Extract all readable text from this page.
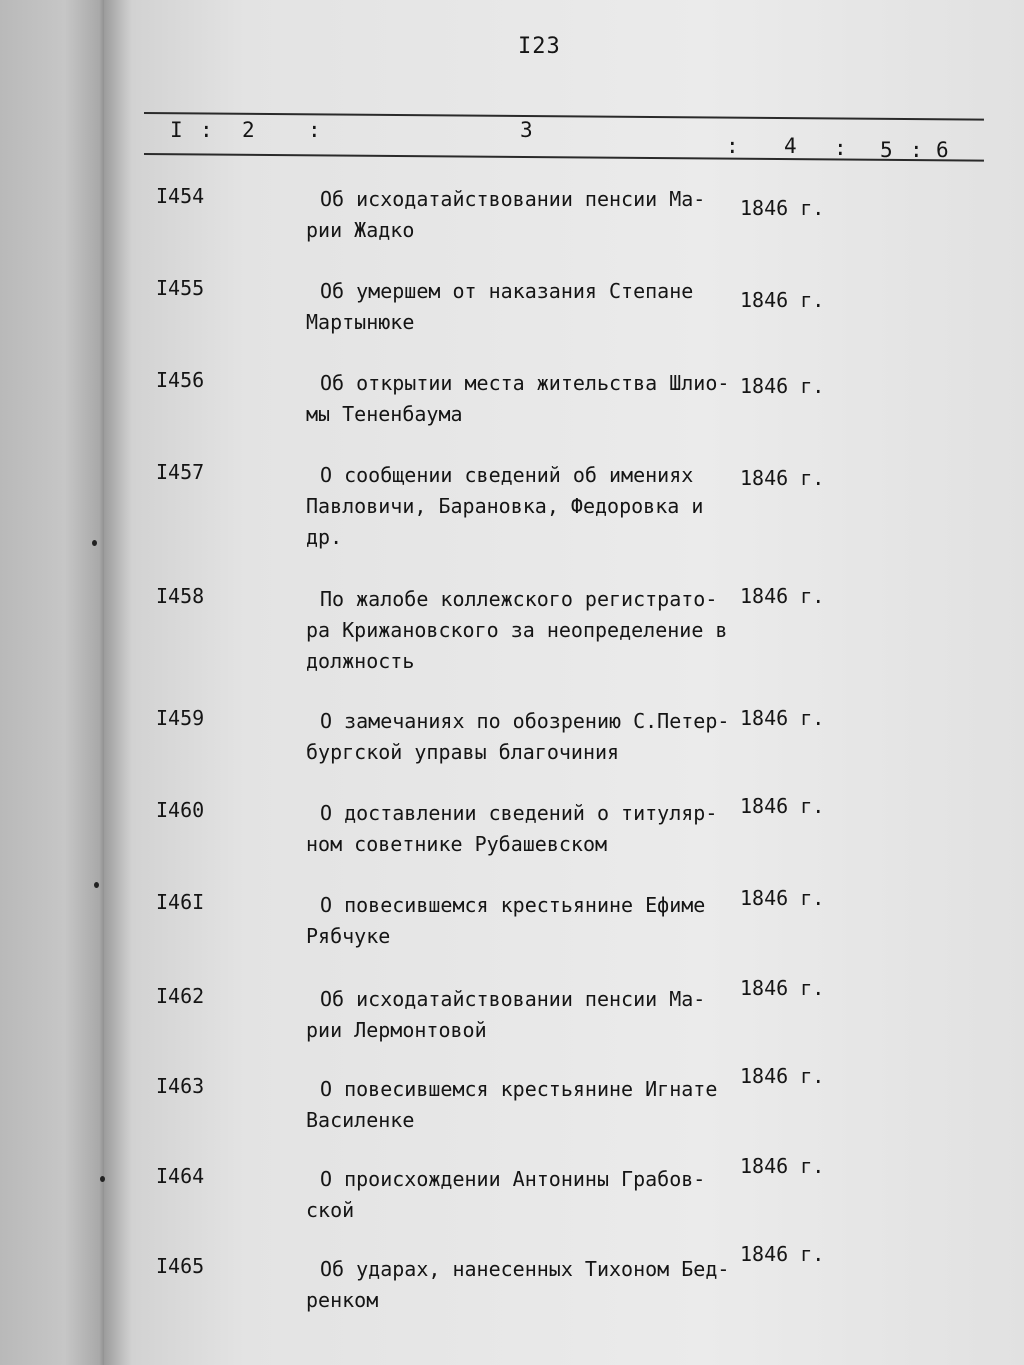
I23
I : 2	:	3
: 4 : 5 : 6
I454	Об исходатайствовании пенсии Ма-
рии Жадко
1846 г.
I455	Об умершем от наказания Степане
Мартынюке
1846 г.
I456	Об открытии места жительства Шлио-
мы Тененбаума
1846 г.
I457	О сообщении сведений об имениях
Павловичи, Барановка, Федоровка и
др.
1846 г.
I458	По жалобе коллежского регистрато-
ра Крижановского за неопределение в
должность
1846 г.
I459	О замечаниях по обозрению С.Петер-
бургской управы благочиния
1846 г.
I460	О доставлении сведений о титуляр-
ном советнике Рубашевском
1846 г.
I46I	О повесившемся крестьянине Ефиме
Рябчуке
1846 г.
I462	Об исходатайствовании пенсии Ма-
рии Лермонтовой
1846 г.
I463	О повесившемся крестьянине Игнате
Василенке
1846 г.
I464	О происхождении Антонины Грабов-
ской
1846 г.
I465	Об ударах, нанесенных Тихоном Бед-
ренком
1846 г.
